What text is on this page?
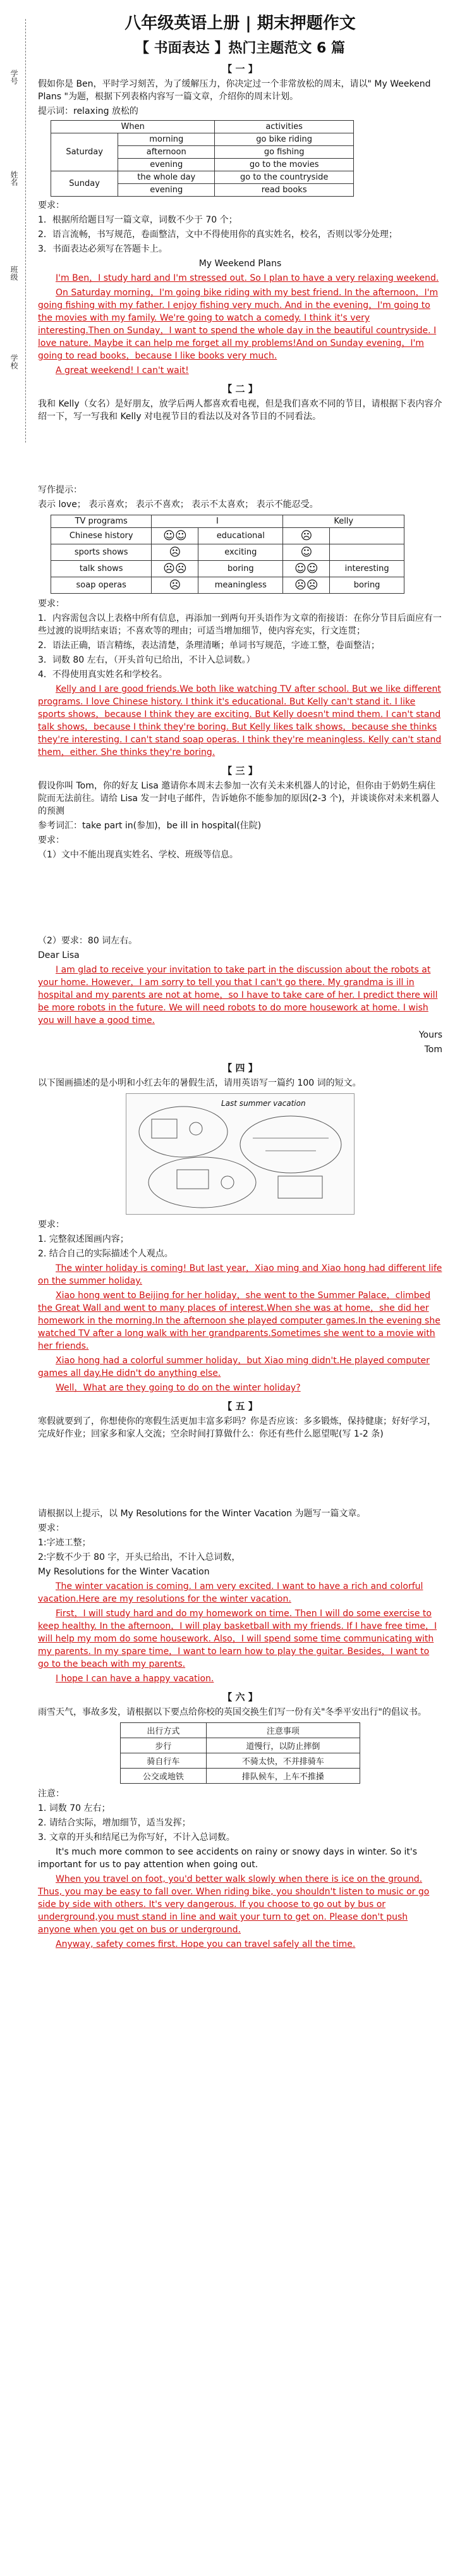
学号
姓名
班级
学校
八年级英语上册 | 期末押题作文
【 书面表达 】热门主题范文 6 篇
【 一 】

假如你是 Ben，平时学习刻苦，为了缓解压力，你决定过一个非常放松的周末，请以" My Weekend Plans "为题，根据下列表格内容写一篇文章，介绍你的周末计划。

提示词：relaxing 放松的

When		activities
Saturday	morning	go bike riding
	afternoon	go fishing
	evening	go to the movies
Sunday	the whole day	go to the countryside
	evening	read books

要求：

1．根据所给题目写一篇文章，词数不少于 70 个；

2．语言流畅，书写规范，卷面整洁，文中不得使用你的真实姓名，校名，否则以零分处理；

3．书面表达必须写在答题卡上。

My Weekend Plans

I'm Ben，I study hard and I'm stressed out. So I plan to have a very relaxing weekend.

On Saturday morning，I'm going bike riding with my best friend. In the afternoon，I'm going fishing with my father. I enjoy fishing very much. And in the evening，I'm going to the movies with my family. We're going to watch a comedy. I think it's very interesting.Then on Sunday，I want to spend the whole day in the beautiful countryside. I love nature. Maybe it can help me forget all my problems!And on Sunday evening，I'm going to read books，because I like books very much.

A great weekend! I can't wait!

【 二 】

我和 Kelly（女名）是好朋友，放学后两人都喜欢看电视，但是我们喜欢不同的节目，请根据下表内容介绍一下，写一写我和 Kelly 对电视节目的看法以及对各节目的不同看法。

写作提示：

表示 love； 表示喜欢； 表示不喜欢； 表示不太喜欢； 表示不能忍受。

TV programs	I		Kelly	
Chinese history	☺☺	educational	☹	
sports shows	☹	exciting	☺	
talk shows	☹☹	boring	☺☺	interesting
soap operas	☹	meaningless	☹☹	boring

要求：

1．内容需包含以上表格中所有信息，再添加一到两句开头语作为文章的衔接语：在你分节目后面应有一些过渡的说明结束语；不喜欢等的理由；可适当增加细节，使内容充实，行文连贯；

2．语法正确，语言精练，表达清楚，条理清晰；单词书写规范，字迹工整，卷面整洁；

3．词数 80 左右，（开头首句已给出，不计入总词数。）

4．不得使用真实姓名和学校名。

Kelly and I are good friends.We both like watching TV after school. But we like different programs. I love Chinese history. I think it's educational. But Kelly can't stand it. I like sports shows，because I think they are exciting. But Kelly doesn't mind them. I can't stand talk shows，because I think they're boring. But Kelly likes talk shows，because she thinks they're interesting. I can't stand soap operas. I think they're meaningless. Kelly can't stand them，either. She thinks they're boring.

【 三 】

假设你叫 Tom，你的好友 Lisa 邀请你本周末去参加一次有关未来机器人的讨论，但你由于奶奶生病住院而无法前往。请给 Lisa 发一封电子邮件，告诉她你不能参加的原因(2-3 个)，并谈谈你对未来机器人的预测

参考词汇：take part in(参加)，be ill in hospital(住院)

要求：

（1）文中不能出现真实姓名、学校、班级等信息。

（2）要求：80 词左右。

Dear Lisa

I am glad to receive your invitation to take part in the discussion about the robots at your home. However，I am sorry to tell you that I can't go there. My grandma is ill in hospital and my parents are not at home，so I have to take care of her. I predict there will be more robots in the future. We will need robots to do more housework at home. I wish you will have a good time.

Yours

Tom

【 四 】

以下图画描述的是小明和小红去年的暑假生活，请用英语写一篇约 100 词的短文。

Last summer vacation

要求：

1. 完整叙述图画内容；

2. 结合自己的实际描述个人观点。

The winter holiday is coming! But last year，Xiao ming and Xiao hong had different life on the summer holiday.

Xiao hong went to Beijing for her holiday，she went to the Summer Palace，climbed the Great Wall and went to many places of interest.When she was at home，she did her homework in the morning.In the afternoon she played computer games.In the evening she watched TV after a long walk with her grandparents.Sometimes she went to a movie with her friends.

Xiao hong had a colorful summer holiday，but Xiao ming didn't.He played computer games all day.He didn't do anything else.

Well，What are they going to do on the winter holiday?

【 五 】

寒假就要到了，你想使你的寒假生活更加丰富多彩吗？你是否应该：多多锻炼，保持健康；好好学习，完成好作业；回家多和家人交流；空余时间打算做什么：你还有些什么愿望呢(写 1-2 条)

请根据以上提示，以 My Resolutions for the Winter Vacation 为题写一篇文章。

要求：

1:字迹工整；

2:字数不少于 80 字，开头已给出，不计入总词数，

My Resolutions for the Winter Vacation

The winter vacation is coming. I am very excited. I want to have a rich and colorful vacation.Here are my resolutions for the winter vacation.

First，I will study hard and do my homework on time. Then I will do some exercise to keep healthy. In the afternoon，I will play basketball with my friends. If I have free time，I will help my mom do some housework. Also，I will spend some time communicating with my parents. In my spare time，I want to learn how to play the guitar. Besides，I want to go to the beach with my parents.

I hope I can have a happy vacation.

【 六 】

雨雪天气，事故多发，请根据以下要点给你校的英国交换生们写一份有关"冬季平安出行"的倡议书。

出行方式	注意事项
步行	道慢行，以防止摔倒
骑自行车	不骑太快，不并排骑车
公交或地铁	排队候车，上车不推搡

注意：

1. 词数 70 左右；

2. 请结合实际，增加细节，适当发挥；

3. 文章的开头和结尾已为你写好，不计入总词数。

It's much more common to see accidents on rainy or snowy days in winter. So it's important for us to pay attention when going out.

When you travel on foot, you'd better walk slowly when there is ice on the ground. Thus, you may be easy to fall over. When riding bike, you shouldn't listen to music or go side by side with others. It's very dangerous. If you choose to go out by bus or underground,you must stand in line and wait your turn to get on. Please don't push anyone when you get on bus or underground.

Anyway, safety comes first. Hope you can travel safely all the time.
